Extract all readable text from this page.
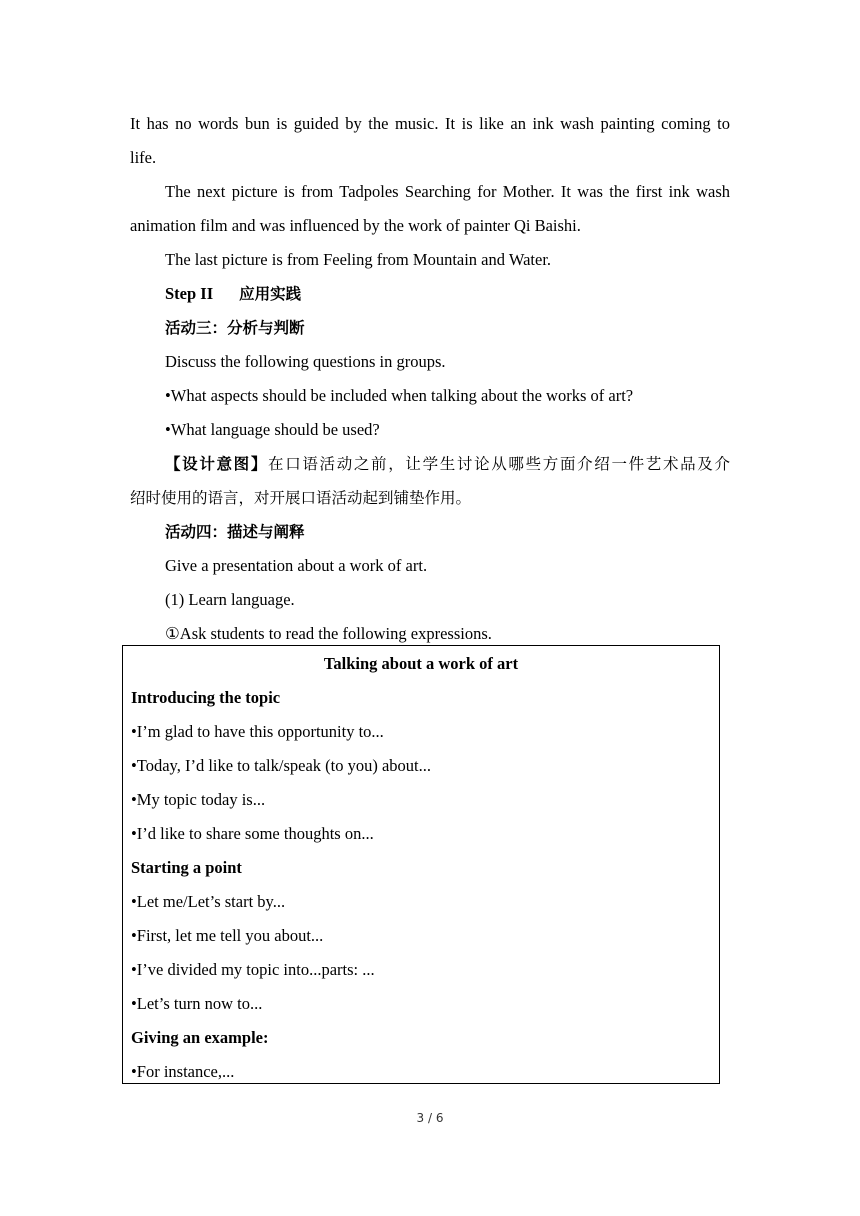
It has no words bun is guided by the music. It is like an ink wash painting coming to
life.
The next picture is from Tadpoles Searching for Mother. It was the first ink wash
animation film and was influenced by the work of painter Qi Baishi.
The last picture is from Feeling from Mountain and Water.
Step II 应用实践
活动三：分析与判断
Discuss the following questions in groups.
•What aspects should be included when talking about the works of art?
•What language should be used?
【设计意图】在口语活动之前，让学生讨论从哪些方面介绍一件艺术品及介
绍时使用的语言，对开展口语活动起到铺垫作用。
活动四：描述与阐释
Give a presentation about a work of art.
(1) Learn language.
①Ask students to read the following expressions.
Talking about a work of art
Introducing the topic
•I’m glad to have this opportunity to...
•Today, I’d like to talk/speak (to you) about...
•My topic today is...
•I’d like to share some thoughts on...
Starting a point
•Let me/Let’s start by...
•First, let me tell you about...
•I’ve divided my topic into...parts: ...
•Let’s turn now to...
Giving an example:
•For instance,...
3 / 6
